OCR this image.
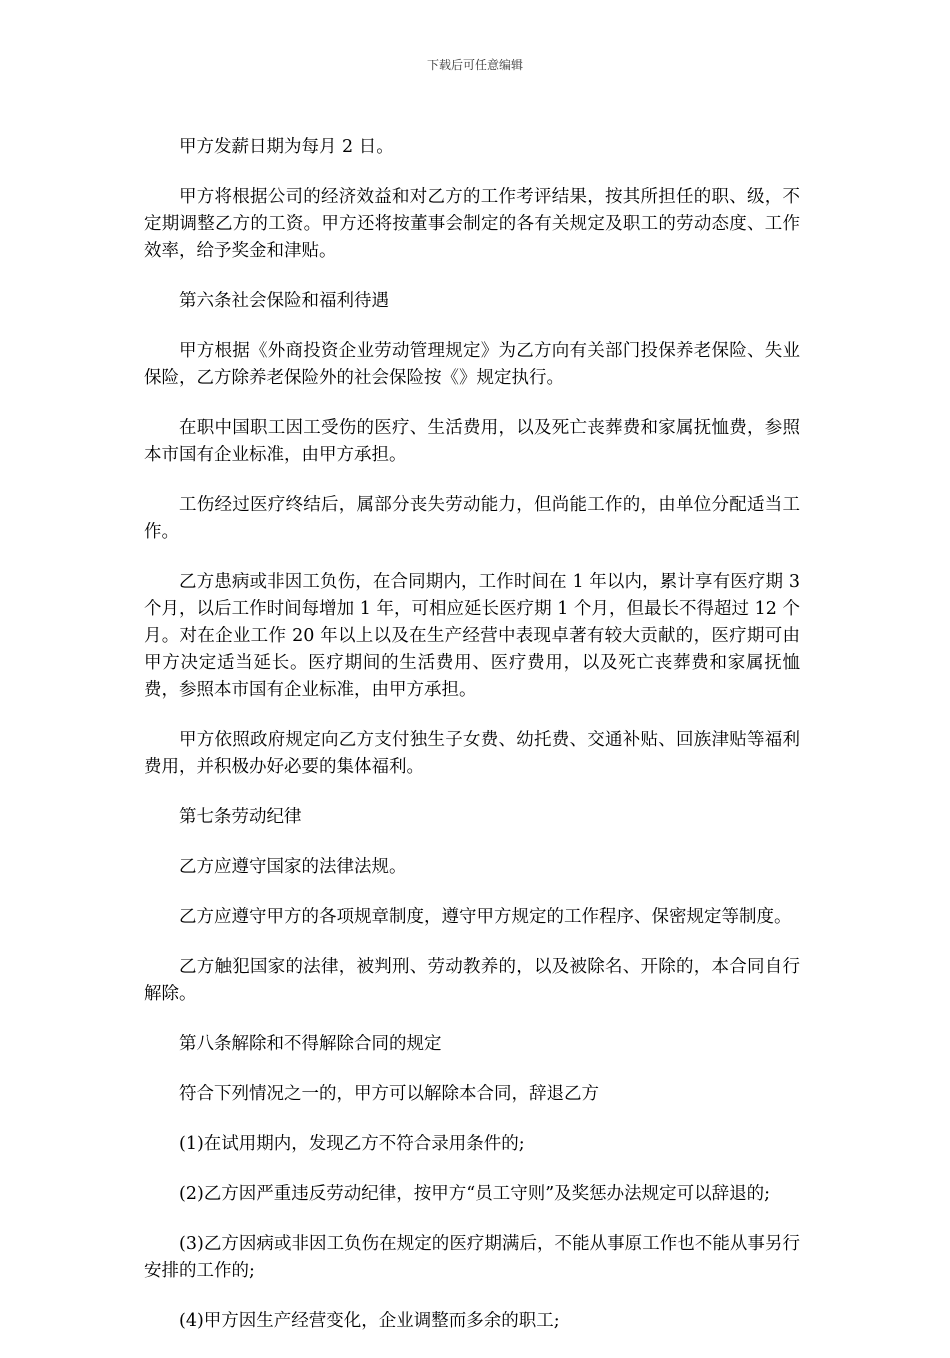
下载后可任意编辑

甲方发薪日期为每月 2 日。

甲方将根据公司的经济效益和对乙方的工作考评结果，按其所担任的职、级，不定期调整乙方的工资。甲方还将按董事会制定的各有关规定及职工的劳动态度、工作效率，给予奖金和津贴。

第六条社会保险和福利待遇

甲方根据《外商投资企业劳动管理规定》为乙方向有关部门投保养老保险、失业保险，乙方除养老保险外的社会保险按《》规定执行。

在职中国职工因工受伤的医疗、生活费用，以及死亡丧葬费和家属抚恤费，参照本市国有企业标准，由甲方承担。

工伤经过医疗终结后，属部分丧失劳动能力，但尚能工作的，由单位分配适当工作。

乙方患病或非因工负伤，在合同期内，工作时间在 1 年以内，累计享有医疗期 3 个月，以后工作时间每增加 1 年，可相应延长医疗期 1 个月，但最长不得超过 12 个月。对在企业工作 20 年以上以及在生产经营中表现卓著有较大贡献的，医疗期可由甲方决定适当延长。医疗期间的生活费用、医疗费用，以及死亡丧葬费和家属抚恤费，参照本市国有企业标准，由甲方承担。

甲方依照政府规定向乙方支付独生子女费、幼托费、交通补贴、回族津贴等福利费用，并积极办好必要的集体福利。

第七条劳动纪律

乙方应遵守国家的法律法规。

乙方应遵守甲方的各项规章制度，遵守甲方规定的工作程序、保密规定等制度。

乙方触犯国家的法律，被判刑、劳动教养的，以及被除名、开除的，本合同自行解除。

第八条解除和不得解除合同的规定

符合下列情况之一的，甲方可以解除本合同，辞退乙方

(1)在试用期内，发现乙方不符合录用条件的;

(2)乙方因严重违反劳动纪律，按甲方“员工守则”及奖惩办法规定可以辞退的;

(3)乙方因病或非因工负伤在规定的医疗期满后，不能从事原工作也不能从事另行安排的工作的;

(4)甲方因生产经营变化，企业调整而多余的职工;
